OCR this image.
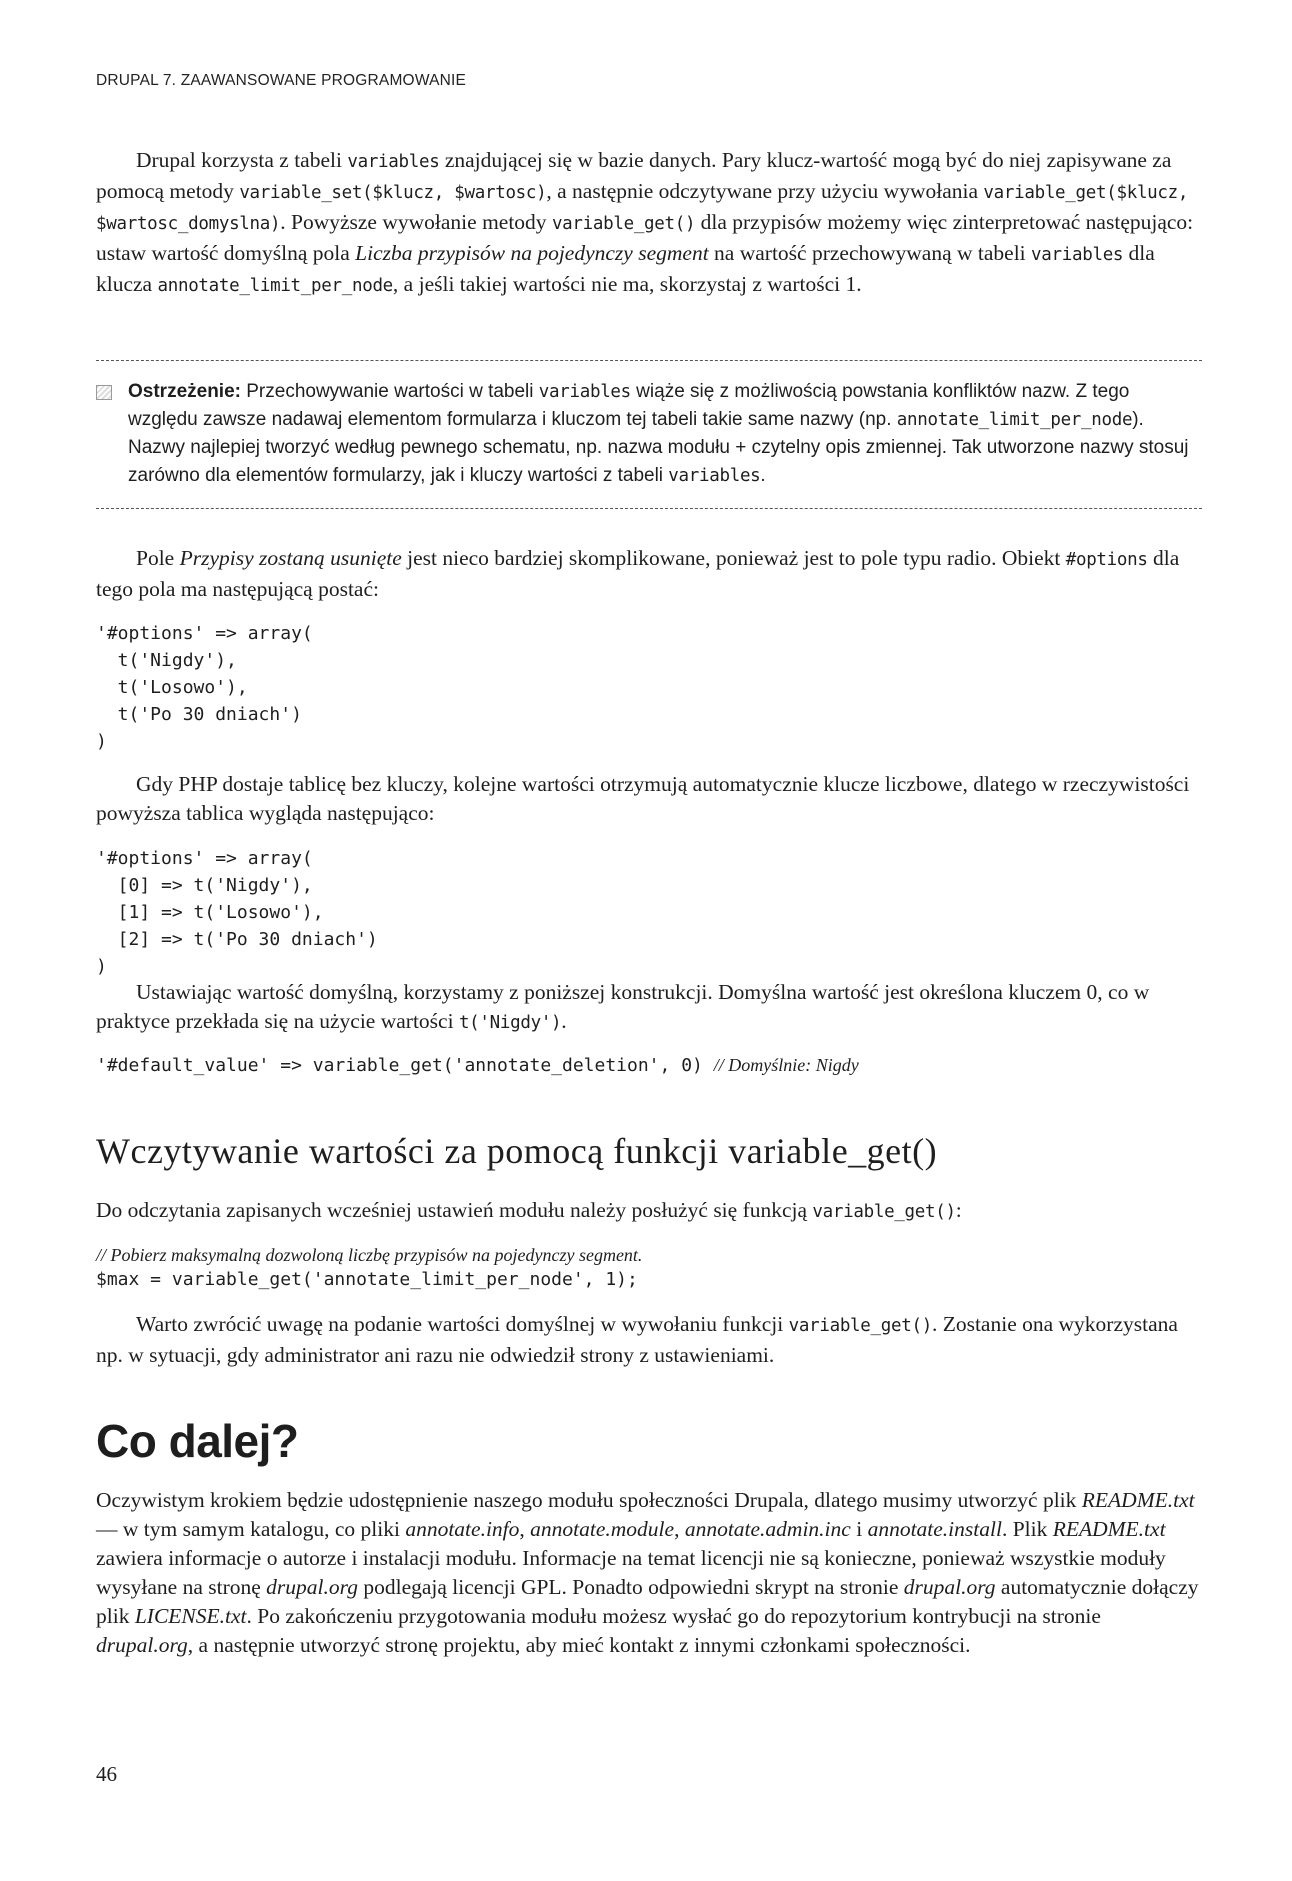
DRUPAL 7. ZAAWANSOWANE PROGRAMOWANIE

Drupal korzysta z tabeli variables znajdującej się w bazie danych. Pary klucz-wartość mogą być do niej zapisywane za pomocą metody variable_set($klucz, $wartosc), a następnie odczytywane przy użyciu wywołania variable_get($klucz, $wartosc_domyslna). Powyższe wywołanie metody variable_get() dla przypisów możemy więc zinterpretować następująco: ustaw wartość domyślną pola Liczba przypisów na pojedynczy segment na wartość przechowywaną w tabeli variables dla klucza annotate_limit_per_node, a jeśli takiej wartości nie ma, skorzystaj z wartości 1.

Ostrzeżenie: Przechowywanie wartości w tabeli variables wiąże się z możliwością powstania konfliktów nazw. Z tego względu zawsze nadawaj elementom formularza i kluczom tej tabeli takie same nazwy (np. annotate_limit_per_node). Nazwy najlepiej tworzyć według pewnego schematu, np. nazwa modułu + czytelny opis zmiennej. Tak utworzone nazwy stosuj zarówno dla elementów formularzy, jak i kluczy wartości z tabeli variables.

Pole Przypisy zostaną usunięte jest nieco bardziej skomplikowane, ponieważ jest to pole typu radio. Obiekt #options dla tego pola ma następującą postać:

'#options' => array(
t('Nigdy'),
t('Losowo'),
t('Po 30 dniach')
)

Gdy PHP dostaje tablicę bez kluczy, kolejne wartości otrzymują automatycznie klucze liczbowe, dlatego w rzeczywistości powyższa tablica wygląda następująco:

'#options' => array(
[0] => t('Nigdy'),
[1] => t('Losowo'),
[2] => t('Po 30 dniach')
)

Ustawiając wartość domyślną, korzystamy z poniższej konstrukcji. Domyślna wartość jest określona kluczem 0, co w praktyce przekłada się na użycie wartości t('Nigdy').

'#default_value' => variable_get('annotate_deletion', 0) // Domyślnie: Nigdy
Wczytywanie wartości za pomocą funkcji variable_get()

Do odczytania zapisanych wcześniej ustawień modułu należy posłużyć się funkcją variable_get():

// Pobierz maksymalną dozwoloną liczbę przypisów na pojedynczy segment.
$max = variable_get('annotate_limit_per_node', 1);

Warto zwrócić uwagę na podanie wartości domyślnej w wywołaniu funkcji variable_get(). Zostanie ona wykorzystana np. w sytuacji, gdy administrator ani razu nie odwiedził strony z ustawieniami.

Co dalej?

Oczywistym krokiem będzie udostępnienie naszego modułu społeczności Drupala, dlatego musimy utworzyć plik README.txt — w tym samym katalogu, co pliki annotate.info, annotate.module, annotate.admin.inc i annotate.install. Plik README.txt zawiera informacje o autorze i instalacji modułu. Informacje na temat licencji nie są konieczne, ponieważ wszystkie moduły wysyłane na stronę drupal.org podlegają licencji GPL. Ponadto odpowiedni skrypt na stronie drupal.org automatycznie dołączy plik LICENSE.txt. Po zakończeniu przygotowania modułu możesz wysłać go do repozytorium kontrybucji na stronie drupal.org, a następnie utworzyć stronę projektu, aby mieć kontakt z innymi członkami społeczności.

46
